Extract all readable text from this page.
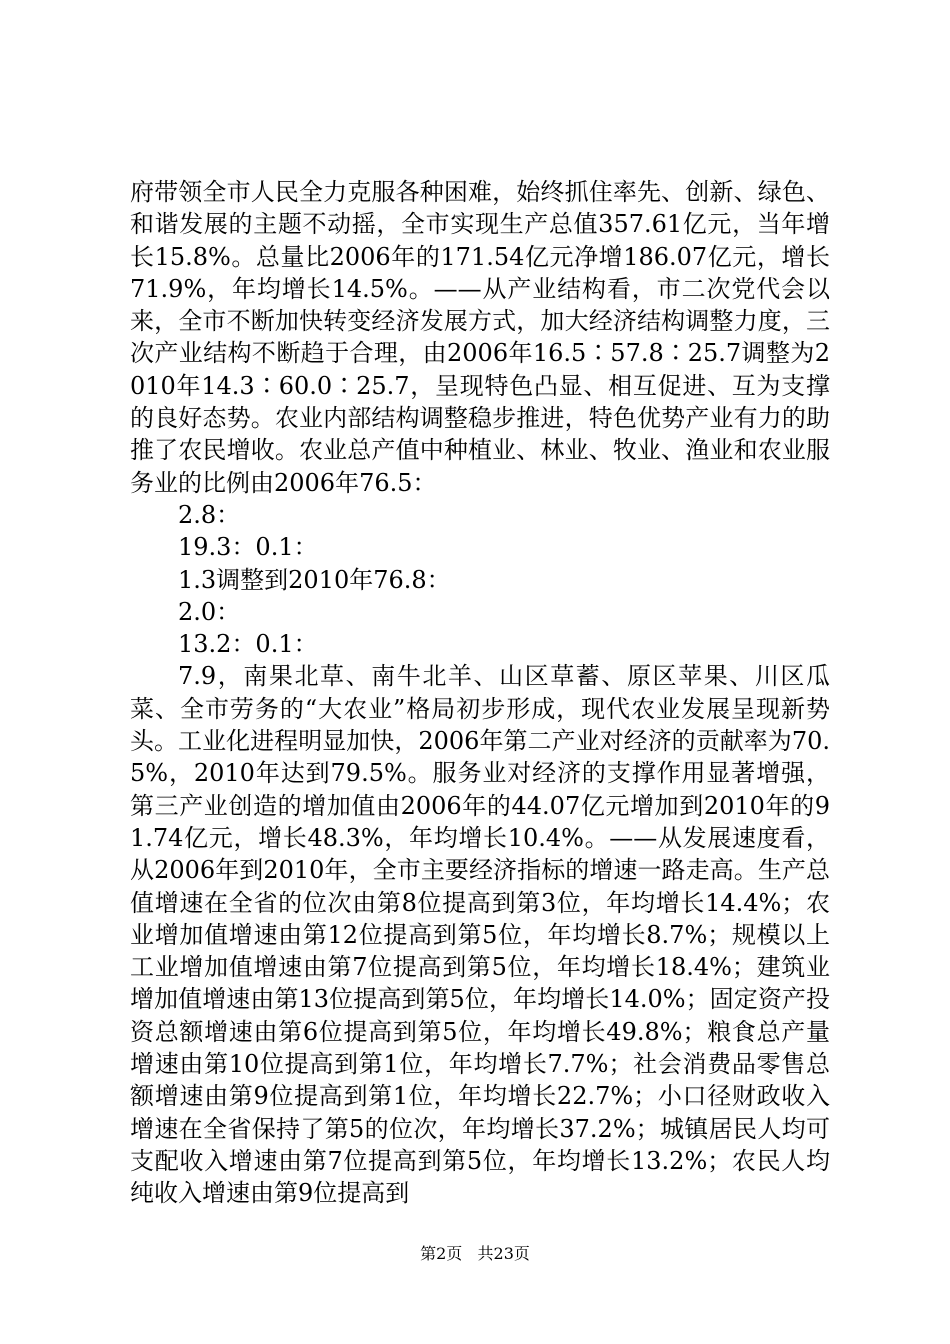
府带领全市人民全力克服各种困难，始终抓住率先、创新、绿色、和谐发展的主题不动摇，全市实现生产总值357.61亿元，当年增长15.8%。总量比2006年的171.54亿元净增186.07亿元，增长71.9%，年均增长14.5%。——从产业结构看，市二次党代会以来，全市不断加快转变经济发展方式，加大经济结构调整力度，三次产业结构不断趋于合理，由2006年16.5∶57.8∶25.7调整为2010年14.3∶60.0∶25.7，呈现特色凸显、相互促进、互为支撑的良好态势。农业内部结构调整稳步推进，特色优势产业有力的助推了农民增收。农业总产值中种植业、林业、牧业、渔业和农业服务业的比例由2006年76.5：

2.8：

19.3：0.1：

1.3调整到2010年76.8：

2.0：

13.2：0.1：

7.9，南果北草、南牛北羊、山区草蓄、原区苹果、川区瓜菜、全市劳务的“大农业”格局初步形成，现代农业发展呈现新势头。工业化进程明显加快，2006年第二产业对经济的贡献率为70.5%，2010年达到79.5%。服务业对经济的支撑作用显著增强，第三产业创造的增加值由2006年的44.07亿元增加到2010年的91.74亿元，增长48.3%，年均增长10.4%。——从发展速度看，从2006年到2010年，全市主要经济指标的增速一路走高。生产总值增速在全省的位次由第8位提高到第3位，年均增长14.4%；农业增加值增速由第12位提高到第5位，年均增长8.7%；规模以上工业增加值增速由第7位提高到第5位，年均增长18.4%；建筑业增加值增速由第13位提高到第5位，年均增长14.0%；固定资产投资总额增速由第6位提高到第5位，年均增长49.8%；粮食总产量增速由第10位提高到第1位，年均增长7.7%；社会消费品零售总额增速由第9位提高到第1位，年均增长22.7%；小口径财政收入增速在全省保持了第5的位次，年均增长37.2%；城镇居民人均可支配收入增速由第7位提高到第5位，年均增长13.2%；农民人均纯收入增速由第9位提高到

第2页 共23页
